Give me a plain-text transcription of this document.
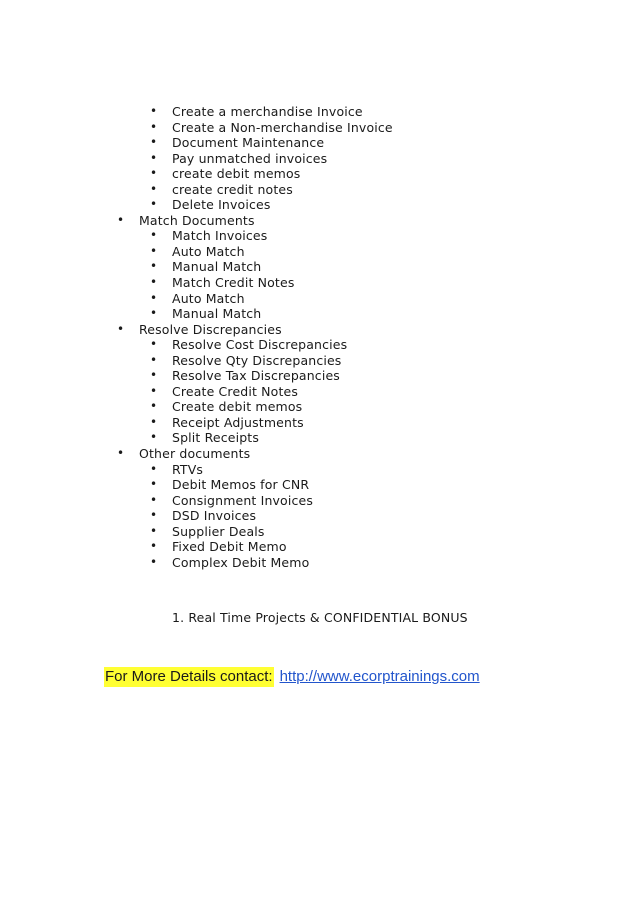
• Create a merchandise Invoice
• Create a Non-merchandise Invoice
• Document Maintenance
• Pay unmatched invoices
• create debit memos
• create credit notes
• Delete Invoices
• Match Documents
• Match Invoices
• Auto Match
• Manual Match
• Match Credit Notes
• Auto Match
• Manual Match
• Resolve Discrepancies
• Resolve Cost Discrepancies
• Resolve Qty Discrepancies
• Resolve Tax Discrepancies
• Create Credit Notes
• Create debit memos
• Receipt Adjustments
• Split Receipts
• Other documents
• RTVs
• Debit Memos for CNR
• Consignment Invoices
• DSD Invoices
• Supplier Deals
• Fixed Debit Memo
• Complex Debit Memo
1. Real Time Projects & CONFIDENTIAL BONUS
For More Details contact: http://www.ecorptrainings.com
